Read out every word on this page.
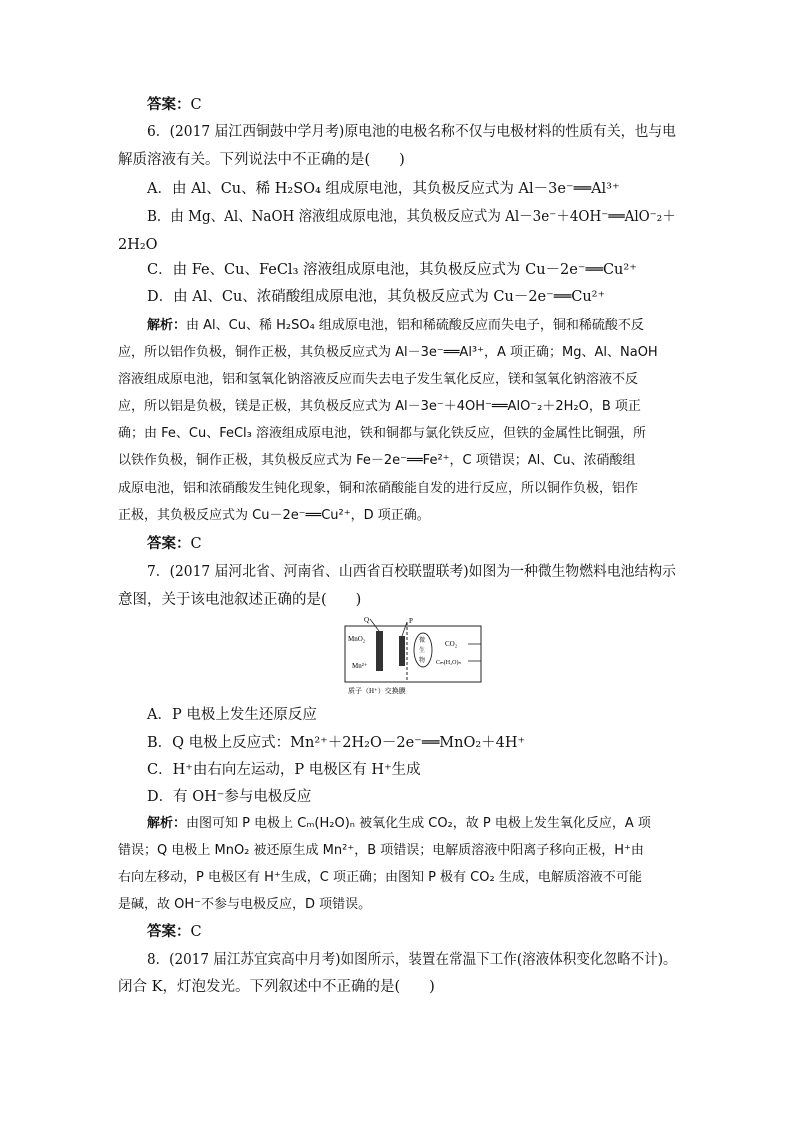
答案：C
6．(2017 届江西铜鼓中学月考)原电池的电极名称不仅与电极材料的性质有关，也与电
解质溶液有关。下列说法中不正确的是(　　)
A．由 Al、Cu、稀 H₂SO₄ 组成原电池，其负极反应式为 Al－3e⁻══Al³⁺
B．由 Mg、Al、NaOH 溶液组成原电池，其负极反应式为 Al－3e⁻＋4OH⁻══AlO⁻₂＋
2H₂O
C．由 Fe、Cu、FeCl₃ 溶液组成原电池，其负极反应式为 Cu－2e⁻══Cu²⁺
D．由 Al、Cu、浓硝酸组成原电池，其负极反应式为 Cu－2e⁻══Cu²⁺
解析：由 Al、Cu、稀 H₂SO₄ 组成原电池，铝和稀硫酸反应而失电子，铜和稀硫酸不反
应，所以铝作负极，铜作正极，其负极反应式为 Al－3e⁻══Al³⁺，A 项正确；Mg、Al、NaOH
溶液组成原电池，铝和氢氧化钠溶液反应而失去电子发生氧化反应，镁和氢氧化钠溶液不反
应，所以铝是负极，镁是正极，其负极反应式为 Al－3e⁻＋4OH⁻══AlO⁻₂＋2H₂O，B 项正
确；由 Fe、Cu、FeCl₃ 溶液组成原电池，铁和铜都与氯化铁反应，但铁的金属性比铜强，所
以铁作负极，铜作正极，其负极反应式为 Fe－2e⁻══Fe²⁺，C 项错误；Al、Cu、浓硝酸组
成原电池，铝和浓硝酸发生钝化现象，铜和浓硝酸能自发的进行反应，所以铜作负极，铝作
正极，其负极反应式为 Cu－2e⁻══Cu²⁺，D 项正确。
答案：C
7．(2017 届河北省、河南省、山西省百校联盟联考)如图为一种微生物燃料电池结构示
意图，关于该电池叙述正确的是(　　)
Q	P
MnO₂
Mn²⁺
微
生
物
CO₂
Cₘ(H₂O)ₙ
质子（H⁺）交换膜
A．P 电极上发生还原反应
B．Q 电极上反应式：Mn²⁺＋2H₂O－2e⁻══MnO₂＋4H⁺
C．H⁺由右向左运动，P 电极区有 H⁺生成
D．有 OH⁻参与电极反应
解析：由图可知 P 电极上 Cₘ(H₂O)ₙ 被氧化生成 CO₂，故 P 电极上发生氧化反应，A 项
错误；Q 电极上 MnO₂ 被还原生成 Mn²⁺，B 项错误；电解质溶液中阳离子移向正极，H⁺由
右向左移动，P 电极区有 H⁺生成，C 项正确；由图知 P 极有 CO₂ 生成，电解质溶液不可能
是碱，故 OH⁻不参与电极反应，D 项错误。
答案：C
8．(2017 届江苏宜宾高中月考)如图所示，装置在常温下工作(溶液体积变化忽略不计)。
闭合 K，灯泡发光。下列叙述中不正确的是(　　)
